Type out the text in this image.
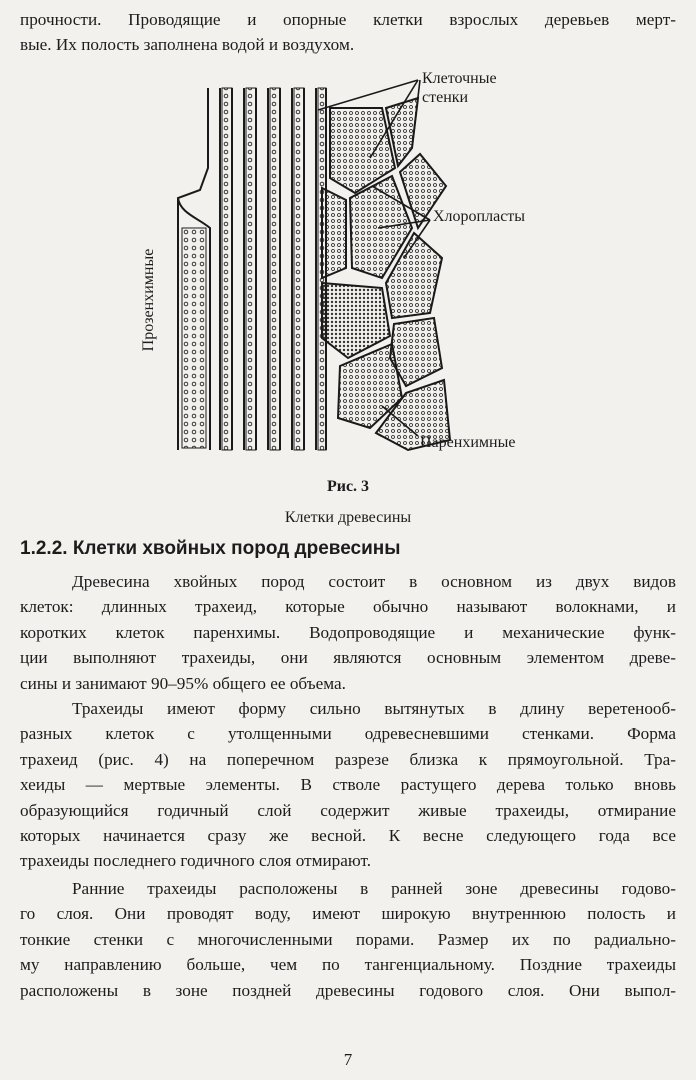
прочности. Проводящие и опорные клетки взрослых деревьев мерт-
вые. Их полость заполнена водой и воздухом.
Клеточные
стенки
Хлоропласты
Паренхимные
Прозенхимные
Рис. 3
Клетки древесины
1.2.2. Клетки хвойных пород древесины
Древесина хвойных пород состоит в основном из двух видов
клеток: длинных трахеид, которые обычно называют волокнами, и
коротких клеток паренхимы. Водопроводящие и механические функ-
ции выполняют трахеиды, они являются основным элементом древе-
сины и занимают 90–95% общего ее объема.
Трахеиды имеют форму сильно вытянутых в длину веретенооб-
разных клеток с утолщенными одревесневшими стенками. Форма
трахеид (рис. 4) на поперечном разрезе близка к прямоугольной. Тра-
хеиды — мертвые элементы. В стволе растущего дерева только вновь
образующийся годичный слой содержит живые трахеиды, отмирание
которых начинается сразу же весной. К весне следующего года все
трахеиды последнего годичного слоя отмирают.
Ранние трахеиды расположены в ранней зоне древесины годово-
го слоя. Они проводят воду, имеют широкую внутреннюю полость и
тонкие стенки с многочисленными порами. Размер их по радиально-
му направлению больше, чем по тангенциальному. Поздние трахеиды
расположены в зоне поздней древесины годового слоя. Они выпол-
7
